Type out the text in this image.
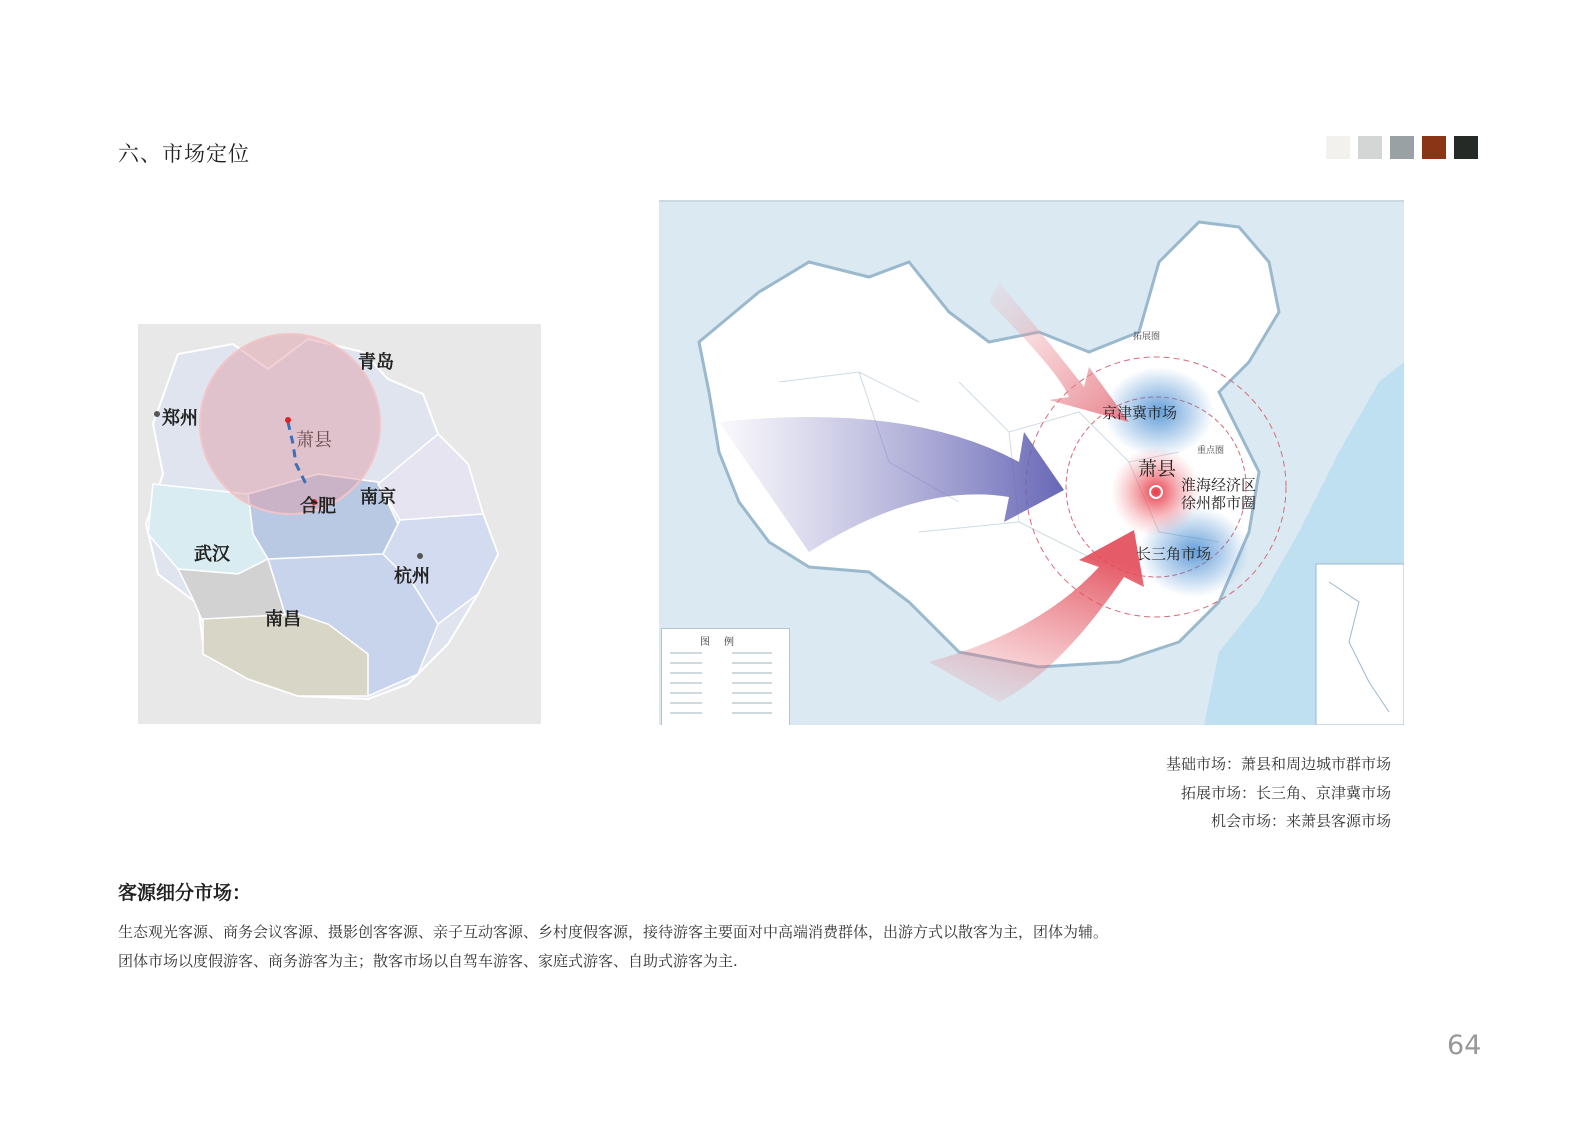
六、市场定位
青岛
郑州
萧县
合肥 南京
武汉
杭州
南昌
拓展圈
京津冀市场
重点圈
萧县
淮海经济区
徐州都市圈
长三角市场
图例
基础市场：萧县和周边城市群市场
拓展市场：长三角、京津冀市场
机会市场：来萧县客源市场
客源细分市场：
生态观光客源、商务会议客源、摄影创客客源、亲子互动客源、乡村度假客源，接待游客主要面对中高端消费群体，出游方式以散客为主，团体为辅。团体市场以度假游客、商务游客为主；散客市场以自驾车游客、家庭式游客、自助式游客为主.
64
